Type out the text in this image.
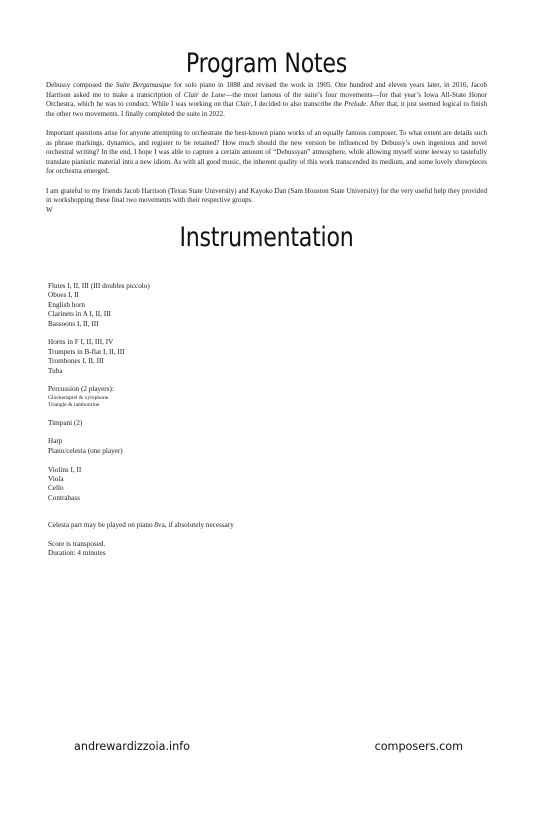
Program Notes

Debussy composed the Suite Bergamasque for solo piano in 1888 and revised the work in 1905. One hundred and eleven years later, in 2016, Jacob Harrison asked me to make a transcription of Clair de Lune—the most famous of the suite’s four movements—for that year’s Iowa All-State Honor Orchestra, which he was to conduct. While I was working on that Clair, I decided to also transcribe the Prelude. After that, it just seemed logical to finish the other two movements. I finally completed the suite in 2022.

Important questions arise for anyone attempting to orchestrate the best-known piano works of an equally famous composer. To what extent are details such as phrase markings, dynamics, and register to be retained? How much should the new version be influenced by Debussy’s own ingenious and novel orchestral writing? In the end, I hope I was able to capture a certain amount of “Debussyan” atmosphere, while allowing myself some leeway to tastefully translate pianistic material into a new idiom. As with all good music, the inherent quality of this work transcended its medium, and some lovely showpieces for orchestra emerged.

I am grateful to my friends Jacob Harrison (Texas State University) and Kayoko Dan (Sam Houston State University) for the very useful help they provided in workshopping these final two movements with their respective groups.

W
Instrumentation
Flutes I, II, III (III doubles piccolo)
Oboes I, II
English horn
Clarinets in A I, II, III
Bassoons I, II, III
Horns in F I, II, III, IV
Trumpets in B-flat I, II, III
Trombones I, II, III
Tuba
Percussion (2 players):
Glockenspiel & xylophone
Triangle & tambourine
Timpani (2)
Harp
Piano/celesta (one player)
Violins I, II
Viola
Cello
Contrabass
Celesta part may be played on piano 8va, if absolutely necessary
Score is transposed.
Duration: 4 minutes
andrewardizzoia.info	composers.com
